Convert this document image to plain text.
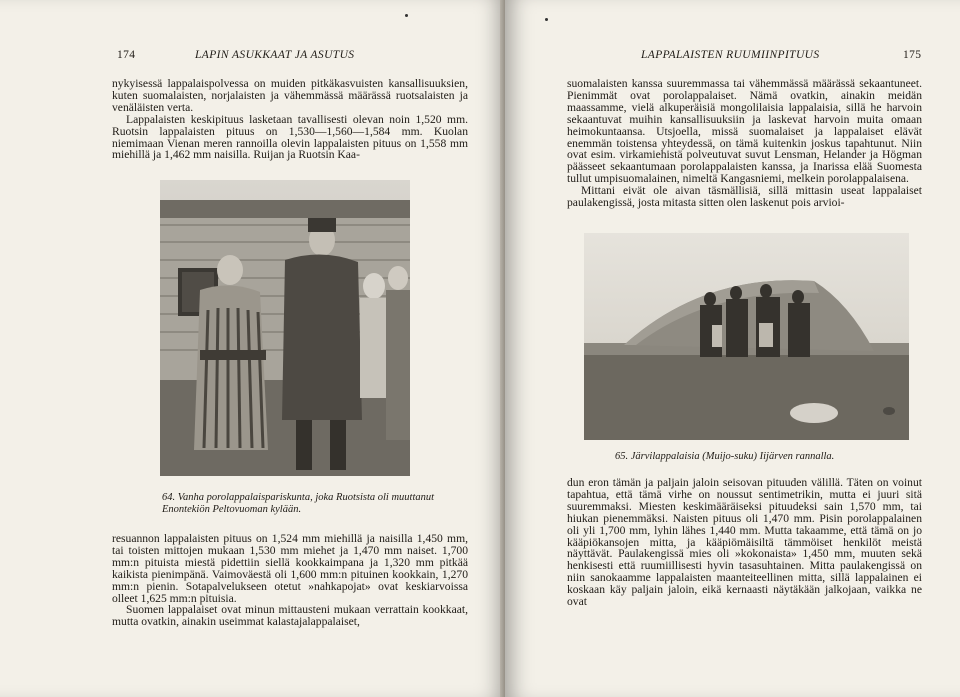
174	LAPIN ASUKKAAT JA ASUTUS

nykyisessä lappalaispolvessa on muiden pitkäkasvuisten kansallisuuksien, kuten suomalaisten, norjalaisten ja vähemmässä määrässä ruotsalaisten ja venäläisten verta.

Lappalaisten keskipituus lasketaan tavallisesti olevan noin 1,520 mm. Ruotsin lappalaisten pituus on 1,530—1,560—1,584 mm. Kuolan niemimaan Vienan meren rannoilla olevin lappalaisten pituus on 1,558 mm miehillä ja 1,462 mm naisilla. Ruijan ja Ruotsin Kaa-

64. Vanha porolappalaispariskunta, joka Ruotsista oli muuttanut Enontekiön Peltovuoman kylään.

resuannon lappalaisten pituus on 1,524 mm miehillä ja naisilla 1,450 mm, tai toisten mittojen mukaan 1,530 mm miehet ja 1,470 mm naiset. 1,700 mm:n pituista miestä pidettiin siellä kookkaimpana ja 1,320 mm pitkää kaikista pienimpänä. Vaimoväestä oli 1,600 mm:n pituinen kookkain, 1,270 mm:n pienin. Sotapalvelukseen otetut »nahkapojat» ovat keskiarvoissa olleet 1,625 mm:n pituisia.

Suomen lappalaiset ovat minun mittausteni mukaan verrattain kookkaat, mutta ovatkin, ainakin useimmat kalastajalappalaiset,

LAPPALAISTEN RUUMIINPITUUS	175

suomalaisten kanssa suuremmassa tai vähemmässä määrässä sekaantuneet. Pienimmät ovat porolappalaiset. Nämä ovatkin, ainakin meidän maassamme, vielä alkuperäisiä mongolilaisia lappalaisia, sillä he harvoin sekaantuvat muihin kansallisuuksiin ja laskevat harvoin muita omaan heimokuntaansa. Utsjoella, missä suomalaiset ja lappalaiset elävät enemmän toistensa yhteydessä, on tämä kuitenkin joskus tapahtunut. Niin ovat esim. virkamiehistä polveutuvat suvut Lensman, Helander ja Högman päässeet sekaantumaan porolappalaisten kanssa, ja Inarissa elää Suomesta tullut umpisuomalainen, nimeltä Kangasniemi, melkein porolappalaisena.

Mittani eivät ole aivan täsmällisiä, sillä mittasin useat lappalaiset paulakengissä, josta mitasta sitten olen laskenut pois arvioi-

65. Järvilappalaisia (Muijo-suku) Iijärven rannalla.

dun eron tämän ja paljain jaloin seisovan pituuden välillä. Täten on voinut tapahtua, että tämä virhe on noussut sentimetrikin, mutta ei juuri sitä suuremmaksi. Miesten keskimääräiseksi pituudeksi sain 1,570 mm, tai hiukan pienemmäksi. Naisten pituus oli 1,470 mm. Pisin porolappalainen oli yli 1,700 mm, lyhin lähes 1,440 mm. Mutta takaamme, että tämä on jo kääpiökansojen mitta, ja kääpiömäisiltä tämmöiset henkilöt meistä näyttävät. Paulakengissä mies oli »kokonaista» 1,450 mm, muuten sekä henkisesti että ruumiillisesti hyvin tasasuhtainen. Mitta paulakengissä on niin sanokaamme lappalaisten maanteiteellinen mitta, sillä lappalainen ei koskaan käy paljain jaloin, eikä kernaasti näytäkään jalkojaan, vaikka ne ovat
